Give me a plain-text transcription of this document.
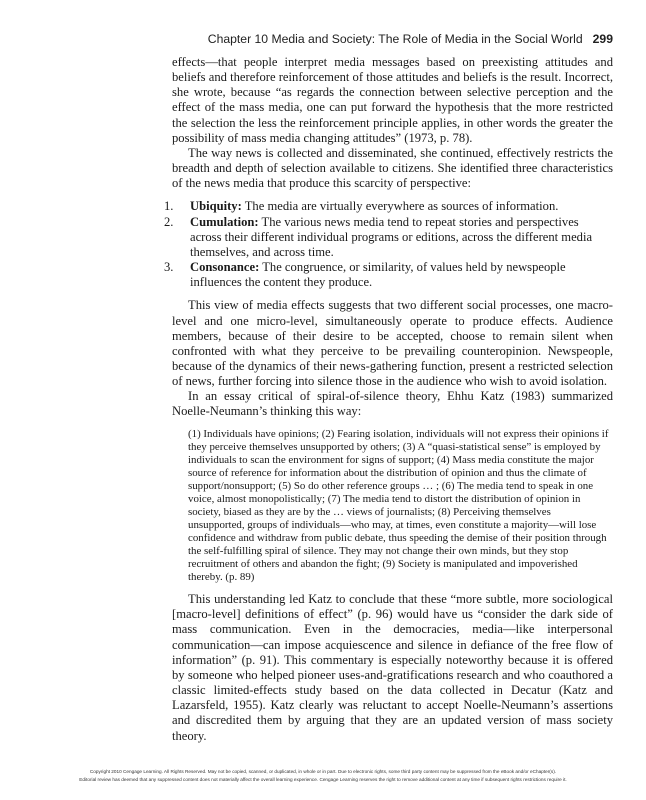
Chapter 10 Media and Society: The Role of Media in the Social World 299

effects—that people interpret media messages based on preexisting attitudes and beliefs and therefore reinforcement of those attitudes and beliefs is the result. Incorrect, she wrote, because “as regards the connection between selective perception and the effect of the mass media, one can put forward the hypothesis that the more restricted the selection the less the reinforcement principle applies, in other words the greater the possibility of mass media changing attitudes” (1973, p. 78).

The way news is collected and disseminated, she continued, effectively restricts the breadth and depth of selection available to citizens. She identified three characteristics of the news media that produce this scarcity of perspective:

1.	Ubiquity: The media are virtually everywhere as sources of information.
2.	Cumulation: The various news media tend to repeat stories and perspectives across their different individual programs or editions, across the different media themselves, and across time.
3.	Consonance: The congruence, or similarity, of values held by newspeople influences the content they produce.

This view of media effects suggests that two different social processes, one macro-level and one micro-level, simultaneously operate to produce effects. Audience members, because of their desire to be accepted, choose to remain silent when confronted with what they perceive to be prevailing counteropinion. Newspeople, because of the dynamics of their news-gathering function, present a restricted selection of news, further forcing into silence those in the audience who wish to avoid isolation.

In an essay critical of spiral-of-silence theory, Ehhu Katz (1983) summarized Noelle-Neumann’s thinking this way:

(1) Individuals have opinions; (2) Fearing isolation, individuals will not express their opinions if they perceive themselves unsupported by others; (3) A “quasi-statistical sense” is employed by individuals to scan the environment for signs of support; (4) Mass media constitute the major source of reference for information about the distribution of opinion and thus the climate of support/nonsupport; (5) So do other reference groups … ; (6) The media tend to speak in one voice, almost monopolistically; (7) The media tend to distort the distribution of opinion in society, biased as they are by the … views of journalists; (8) Perceiving themselves unsupported, groups of individuals—who may, at times, even constitute a majority—will lose confidence and withdraw from public debate, thus speeding the demise of their position through the self-fulfilling spiral of silence. They may not change their own minds, but they stop recruitment of others and abandon the fight; (9) Society is manipulated and impoverished thereby. (p. 89)

This understanding led Katz to conclude that these “more subtle, more sociological [macro-level] definitions of effect” (p. 96) would have us “consider the dark side of mass communication. Even in the democracies, media—like interpersonal communication—can impose acquiescence and silence in defiance of the free flow of information” (p. 91). This commentary is especially noteworthy because it is offered by someone who helped pioneer uses-and-gratifications research and who coauthored a classic limited-effects study based on the data collected in Decatur (Katz and Lazarsfeld, 1955). Katz clearly was reluctant to accept Noelle-Neumann’s assertions and discredited them by arguing that they are an updated version of mass society theory.

Copyright 2010 Cengage Learning. All Rights Reserved. May not be copied, scanned, or duplicated, in whole or in part. Due to electronic rights, some third party content may be suppressed from the eBook and/or eChapter(s).
Editorial review has deemed that any suppressed content does not materially affect the overall learning experience. Cengage Learning reserves the right to remove additional content at any time if subsequent rights restrictions require it.
